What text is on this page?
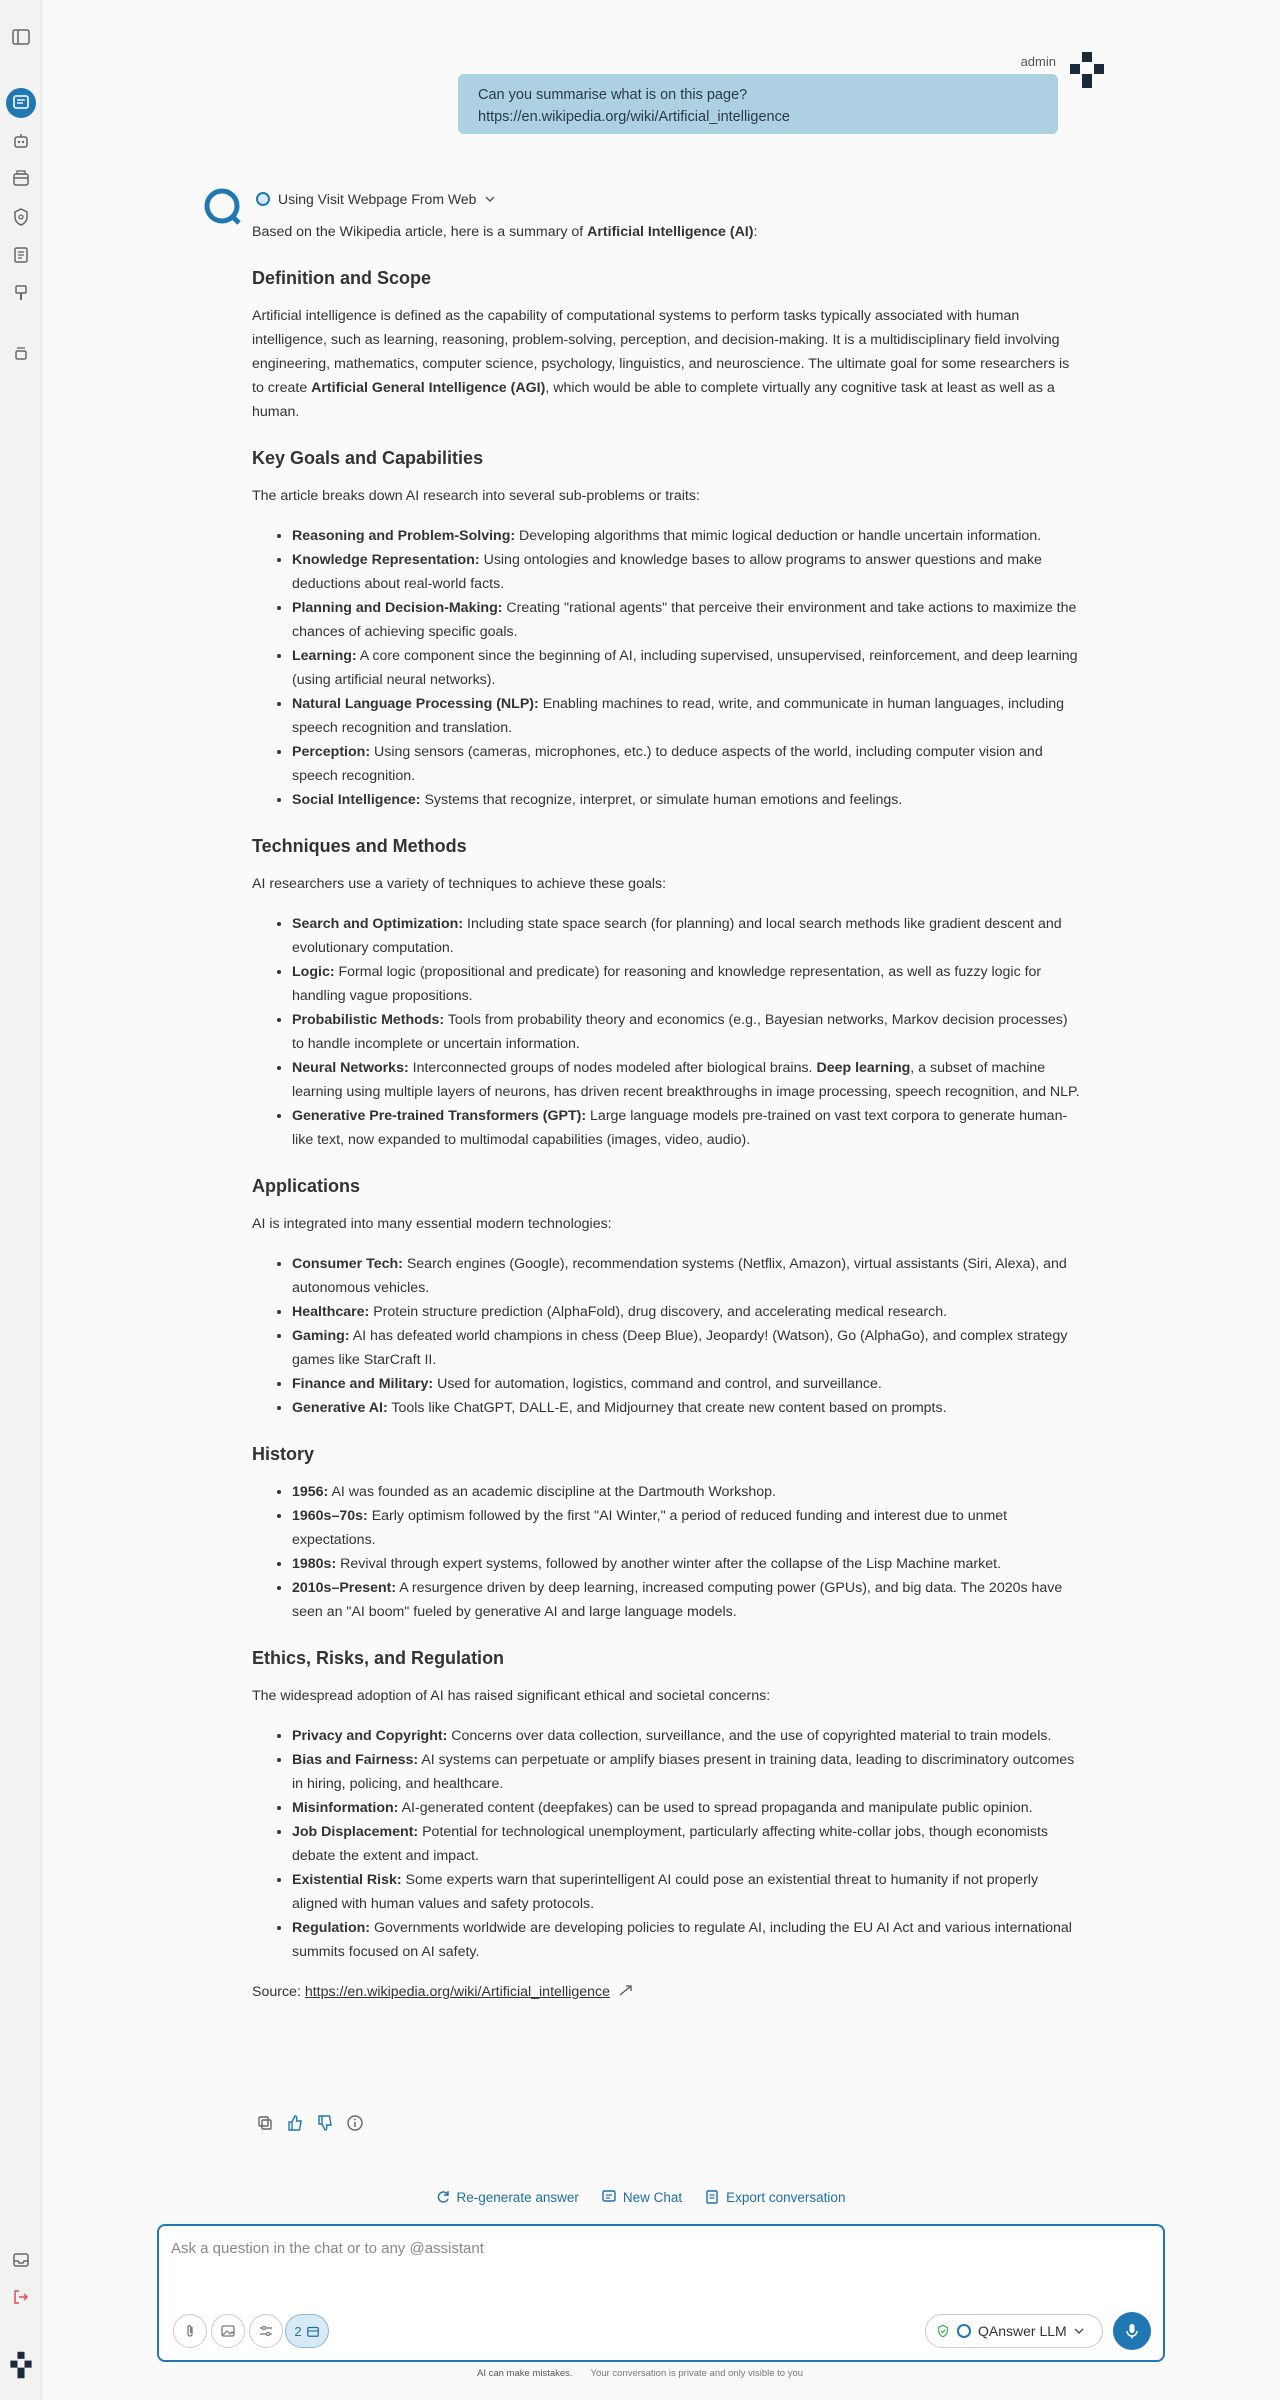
admin
Can you summarise what is on this page?
https://en.wikipedia.org/wiki/Artificial_intelligence
Using Visit Webpage From Web

Based on the Wikipedia article, here is a summary of Artificial Intelligence (AI):

Definition and Scope

Artificial intelligence is defined as the capability of computational systems to perform tasks typically associated with human intelligence, such as learning, reasoning, problem-solving, perception, and decision-making. It is a multidisciplinary field involving engineering, mathematics, computer science, psychology, linguistics, and neuroscience. The ultimate goal for some researchers is to create Artificial General Intelligence (AGI), which would be able to complete virtually any cognitive task at least as well as a human.

Key Goals and Capabilities

The article breaks down AI research into several sub-problems or traits:

• Reasoning and Problem-Solving: Developing algorithms that mimic logical deduction or handle uncertain information.
• Knowledge Representation: Using ontologies and knowledge bases to allow programs to answer questions and make deductions about real-world facts.
• Planning and Decision-Making: Creating "rational agents" that perceive their environment and take actions to maximize the chances of achieving specific goals.
• Learning: A core component since the beginning of AI, including supervised, unsupervised, reinforcement, and deep learning (using artificial neural networks).
• Natural Language Processing (NLP): Enabling machines to read, write, and communicate in human languages, including speech recognition and translation.
• Perception: Using sensors (cameras, microphones, etc.) to deduce aspects of the world, including computer vision and speech recognition.
• Social Intelligence: Systems that recognize, interpret, or simulate human emotions and feelings.
Techniques and Methods

AI researchers use a variety of techniques to achieve these goals:

• Search and Optimization: Including state space search (for planning) and local search methods like gradient descent and evolutionary computation.
• Logic: Formal logic (propositional and predicate) for reasoning and knowledge representation, as well as fuzzy logic for handling vague propositions.
• Probabilistic Methods: Tools from probability theory and economics (e.g., Bayesian networks, Markov decision processes) to handle incomplete or uncertain information.
• Neural Networks: Interconnected groups of nodes modeled after biological brains. Deep learning, a subset of machine learning using multiple layers of neurons, has driven recent breakthroughs in image processing, speech recognition, and NLP.
• Generative Pre-trained Transformers (GPT): Large language models pre-trained on vast text corpora to generate human-like text, now expanded to multimodal capabilities (images, video, audio).
Applications

AI is integrated into many essential modern technologies:

• Consumer Tech: Search engines (Google), recommendation systems (Netflix, Amazon), virtual assistants (Siri, Alexa), and autonomous vehicles.
• Healthcare: Protein structure prediction (AlphaFold), drug discovery, and accelerating medical research.
• Gaming: AI has defeated world champions in chess (Deep Blue), Jeopardy! (Watson), Go (AlphaGo), and complex strategy games like StarCraft II.
• Finance and Military: Used for automation, logistics, command and control, and surveillance.
• Generative AI: Tools like ChatGPT, DALL-E, and Midjourney that create new content based on prompts.
History
• 1956: AI was founded as an academic discipline at the Dartmouth Workshop.
• 1960s–70s: Early optimism followed by the first "AI Winter," a period of reduced funding and interest due to unmet expectations.
• 1980s: Revival through expert systems, followed by another winter after the collapse of the Lisp Machine market.
• 2010s–Present: A resurgence driven by deep learning, increased computing power (GPUs), and big data. The 2020s have seen an "AI boom" fueled by generative AI and large language models.
Ethics, Risks, and Regulation

The widespread adoption of AI has raised significant ethical and societal concerns:

• Privacy and Copyright: Concerns over data collection, surveillance, and the use of copyrighted material to train models.
• Bias and Fairness: AI systems can perpetuate or amplify biases present in training data, leading to discriminatory outcomes in hiring, policing, and healthcare.
• Misinformation: AI-generated content (deepfakes) can be used to spread propaganda and manipulate public opinion.
• Job Displacement: Potential for technological unemployment, particularly affecting white-collar jobs, though economists debate the extent and impact.
• Existential Risk: Some experts warn that superintelligent AI could pose an existential threat to humanity if not properly aligned with human values and safety protocols.
• Regulation: Governments worldwide are developing policies to regulate AI, including the EU AI Act and various international summits focused on AI safety.

Source: https://en.wikipedia.org/wiki/Artificial_intelligence

Re-generate answer	New Chat	Export conversation
Ask a question in the chat or to any @assistant
2	QAnswer LLM
AI can make mistakes. Your conversation is private and only visible to you
